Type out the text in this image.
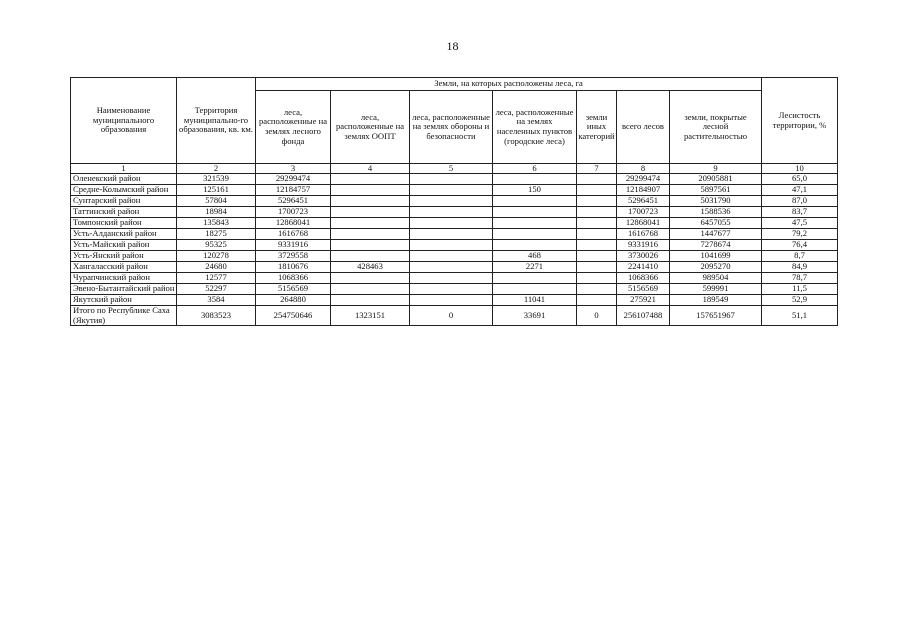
18
Наименование муниципального образования	Территория муниципально-го образования, кв. км.	Земли, на которых расположены леса, га							Лесистость территории, %
		леса, расположенные на землях лесного фонда	леса, расположенные на землях ООПТ	леса, расположенные на землях обороны и безопасности	леса, расположенные на землях населенных пунктов (городские леса)	земли иных категорий	всего лесов	земли, покрытые лесной растительностью	
1	2	3	4	5	6	7	8	9	10
Оленекский район	321539	29299474					29299474	20905881	65,0
Средне-Колымский район	125161	12184757			150		12184907	5897561	47,1
Сунтарский район	57804	5296451					5296451	5031790	87,0
Таттинский район	18984	1700723					1700723	1588536	83,7
Томпонский район	135843	12868041					12868041	6457055	47,5
Усть-Алданский район	18275	1616768					1616768	1447677	79,2
Усть-Майский район	95325	9331916					9331916	7278674	76,4
Усть-Янский район	120278	3729558			468		3730026	1041699	8,7
Хангаласский район	24680	1810676	428463		2271		2241410	2095270	84,9
Чурапчинский район	12577	1068366					1068366	989504	78,7
Эвено-Бытантайский район	52297	5156569					5156569	599991	11,5
Якутский район	3584	264880			11041		275921	189549	52,9
Итого по Республике Саха (Якутия)	3083523	254750646	1323151	0	33691	0	256107488	157651967	51,1
